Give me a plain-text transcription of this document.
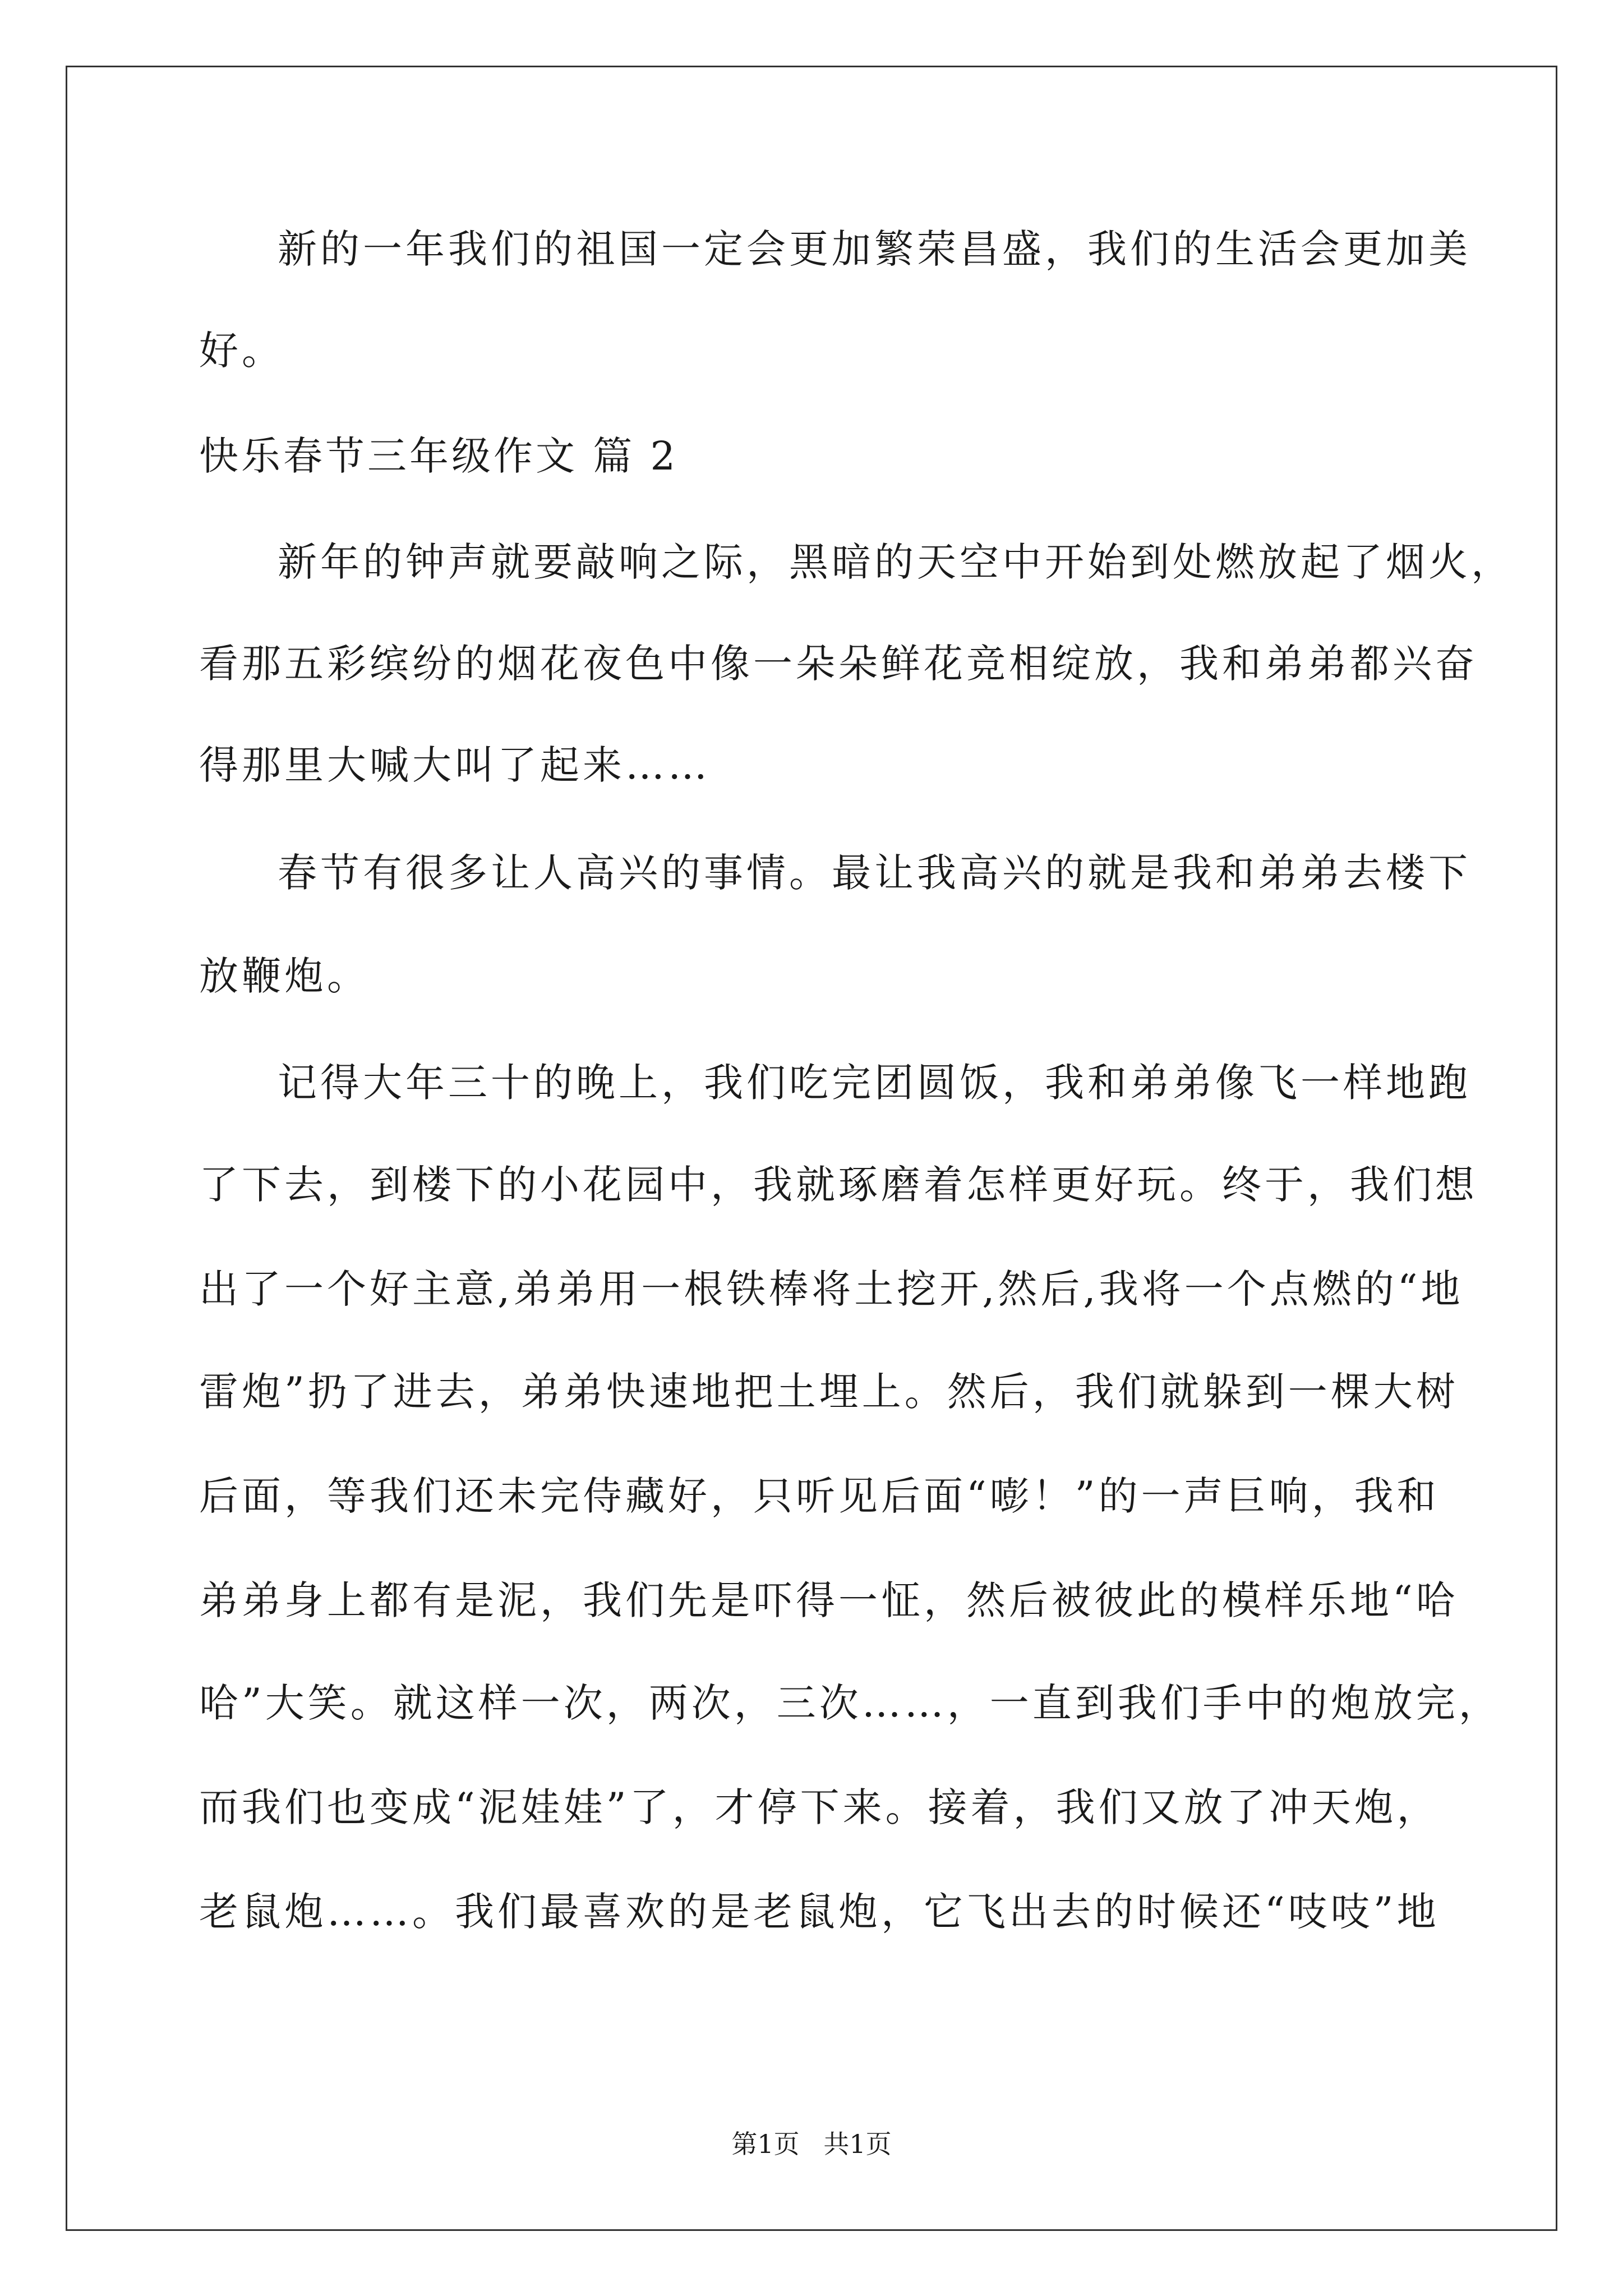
新的一年我们的祖国一定会更加繁荣昌盛，我们的生活会更加美
好。
快乐春节三年级作文 篇 2
新年的钟声就要敲响之际，黑暗的天空中开始到处燃放起了烟火，
看那五彩缤纷的烟花夜色中像一朵朵鲜花竞相绽放，我和弟弟都兴奋
得那里大喊大叫了起来……
春节有很多让人高兴的事情。最让我高兴的就是我和弟弟去楼下
放鞭炮。
记得大年三十的晚上，我们吃完团圆饭，我和弟弟像飞一样地跑
了下去，到楼下的小花园中，我就琢磨着怎样更好玩。终于，我们想
出了一个好主意,弟弟用一根铁棒将土挖开,然后,我将一个点燃的“地
雷炮”扔了进去，弟弟快速地把土埋上。然后，我们就躲到一棵大树
后面，等我们还未完侍藏好，只听见后面“嘭！”的一声巨响，我和
弟弟身上都有是泥，我们先是吓得一怔，然后被彼此的模样乐地“哈
哈”大笑。就这样一次，两次，三次……，一直到我们手中的炮放完，
而我们也变成“泥娃娃”了，才停下来。接着，我们又放了冲天炮，
老鼠炮……。我们最喜欢的是老鼠炮，它飞出去的时候还“吱吱”地
第1页 共1页
